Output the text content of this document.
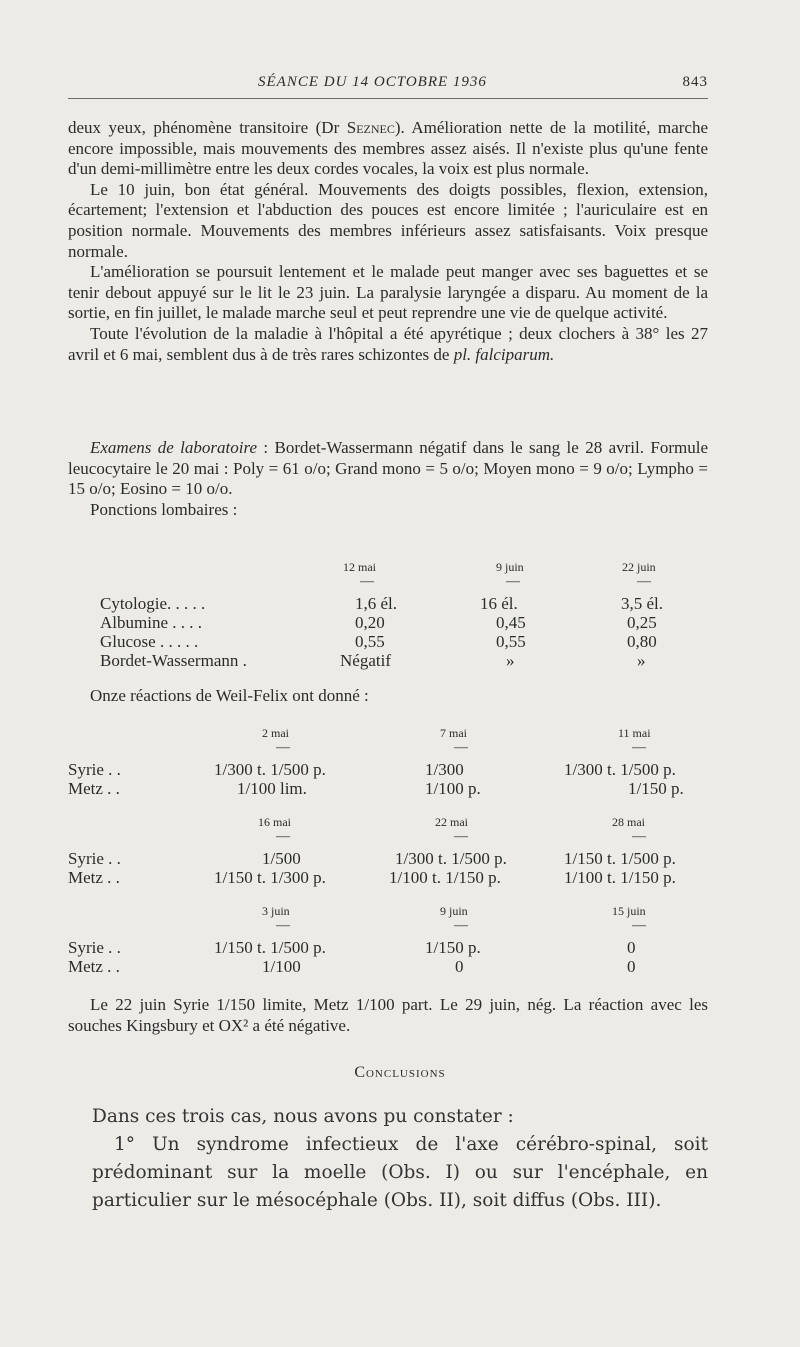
SÉANCE DU 14 OCTOBRE 1936	843

deux yeux, phénomène transitoire (Dr Seznec). Amélioration nette de la motilité, marche encore impossible, mais mouvements des membres assez aisés. Il n'existe plus qu'une fente d'un demi-millimètre entre les deux cordes vocales, la voix est plus normale.

Le 10 juin, bon état général. Mouvements des doigts possibles, flexion, extension, écartement; l'extension et l'abduction des pouces est encore limitée ; l'auriculaire est en position normale. Mouvements des membres inférieurs assez satisfaisants. Voix presque normale.

L'amélioration se poursuit lentement et le malade peut manger avec ses baguettes et se tenir debout appuyé sur le lit le 23 juin. La paralysie laryngée a disparu. Au moment de la sortie, en fin juillet, le malade marche seul et peut reprendre une vie de quelque activité.

Toute l'évolution de la maladie à l'hôpital a été apyrétique ; deux clochers à 38° les 27 avril et 6 mai, semblent dus à de très rares schizontes de pl. falciparum.

Examens de laboratoire : Bordet-Wassermann négatif dans le sang le 28 avril. Formule leucocytaire le 20 mai : Poly = 61 o/o; Grand mono = 5 o/o; Moyen mono = 9 o/o; Lympho = 15 o/o; Eosino = 10 o/o.

Ponctions lombaires :

12 mai	9 juin	22 juin
—	—	—
Cytologie. . . . .	1,6 él.	16 él.	3,5 él.
Albumine . . . .	0,20	0,45	0,25
Glucose . . . . .	0,55	0,55	0,80
Bordet-Wassermann .	Négatif	»	»

Onze réactions de Weil-Felix ont donné :

2 mai	7 mai	11 mai
—	—	—
Syrie . .	1/300 t. 1/500 p.	1/300	1/300 t. 1/500 p.
Metz . .	1/100 lim.	1/100 p.	1/150 p.
16 mai	22 mai	28 mai
—	—	—
Syrie . .	1/500	1/300 t. 1/500 p.	1/150 t. 1/500 p.
Metz . .	1/150 t. 1/300 p.	1/100 t. 1/150 p.	1/100 t. 1/150 p.
3 juin	9 juin	15 juin
—	—	—
Syrie . .	1/150 t. 1/500 p.	1/150 p.	0
Metz . .	1/100	0	0

Le 22 juin Syrie 1/150 limite, Metz 1/100 part. Le 29 juin, nég. La réaction avec les souches Kingsbury et OX² a été négative.

Conclusions

Dans ces trois cas, nous avons pu constater :

1° Un syndrome infectieux de l'axe cérébro-spinal, soit prédominant sur la moelle (Obs. I) ou sur l'encéphale, en particulier sur le mésocéphale (Obs. II), soit diffus (Obs. III).
